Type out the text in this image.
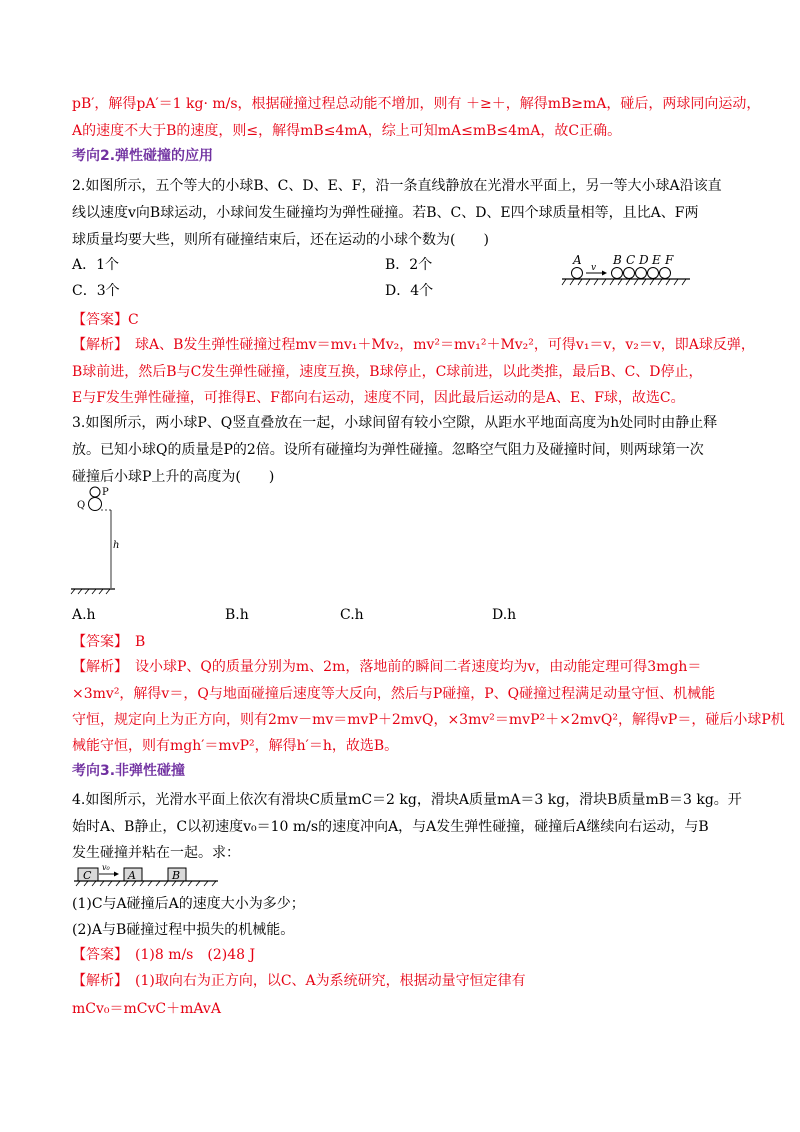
pB′，解得pA′＝1 kg· m/s，根据碰撞过程总动能不增加，则有 ＋≥＋，解得mB≥mA，碰后，两球同向运动，
A的速度不大于B的速度，则≤，解得mB≤4mA，综上可知mA≤mB≤4mA，故C正确。
考向2.弹性碰撞的应用
2.如图所示，五个等大的小球B、C、D、E、F，沿一条直线静放在光滑水平面上，另一等大小球A沿该直
线以速度v向B球运动，小球间发生碰撞均为弹性碰撞。若B、C、D、E四个球质量相等，且比A、F两
球质量均要大些，则所有碰撞结束后，还在运动的小球个数为(　　)
A．1个	B．2个
C．3个	D．4个
A
v
B C D E F
【答案】C
【解析】　球A、B发生弹性碰撞过程mv＝mv₁＋Mv₂，mv²＝mv₁²＋Mv₂²，可得v₁＝v，v₂＝v，即A球反弹，
B球前进，然后B与C发生弹性碰撞，速度互换，B球停止，C球前进，以此类推，最后B、C、D停止，
E与F发生弹性碰撞，可推得E、F都向右运动，速度不同，因此最后运动的是A、E、F球，故选C。
3.如图所示，两小球P、Q竖直叠放在一起，小球间留有较小空隙，从距水平地面高度为h处同时由静止释
放。已知小球Q的质量是P的2倍。设所有碰撞均为弹性碰撞。忽略空气阻力及碰撞时间，则两球第一次
碰撞后小球P上升的高度为(　　)
P
Q
h
A.h	B.h	C.h	D.h
【答案】　B
【解析】　设小球P、Q的质量分别为m、2m，落地前的瞬间二者速度均为v，由动能定理可得3mgh＝
×3mv²，解得v＝，Q与地面碰撞后速度等大反向，然后与P碰撞，P、Q碰撞过程满足动量守恒、机械能
守恒，规定向上为正方向，则有2mv－mv＝mvP＋2mvQ，×3mv²＝mvP²＋×2mvQ²，解得vP＝，碰后小球P机
械能守恒，则有mgh′＝mvP²，解得h′＝h，故选B。
考向3.非弹性碰撞
4.如图所示，光滑水平面上依次有滑块C质量mC＝2 kg，滑块A质量mA＝3 kg，滑块B质量mB＝3 kg。开
始时A、B静止，C以初速度v₀＝10 m/s的速度冲向A，与A发生弹性碰撞，碰撞后A继续向右运动，与B
发生碰撞并粘在一起。求：
C
v₀
A	B
(1)C与A碰撞后A的速度大小为多少；
(2)A与B碰撞过程中损失的机械能。
【答案】　(1)8 m/s　(2)48 J
【解析】　(1)取向右为正方向，以C、A为系统研究，根据动量守恒定律有
mCv₀＝mCvC＋mAvA
